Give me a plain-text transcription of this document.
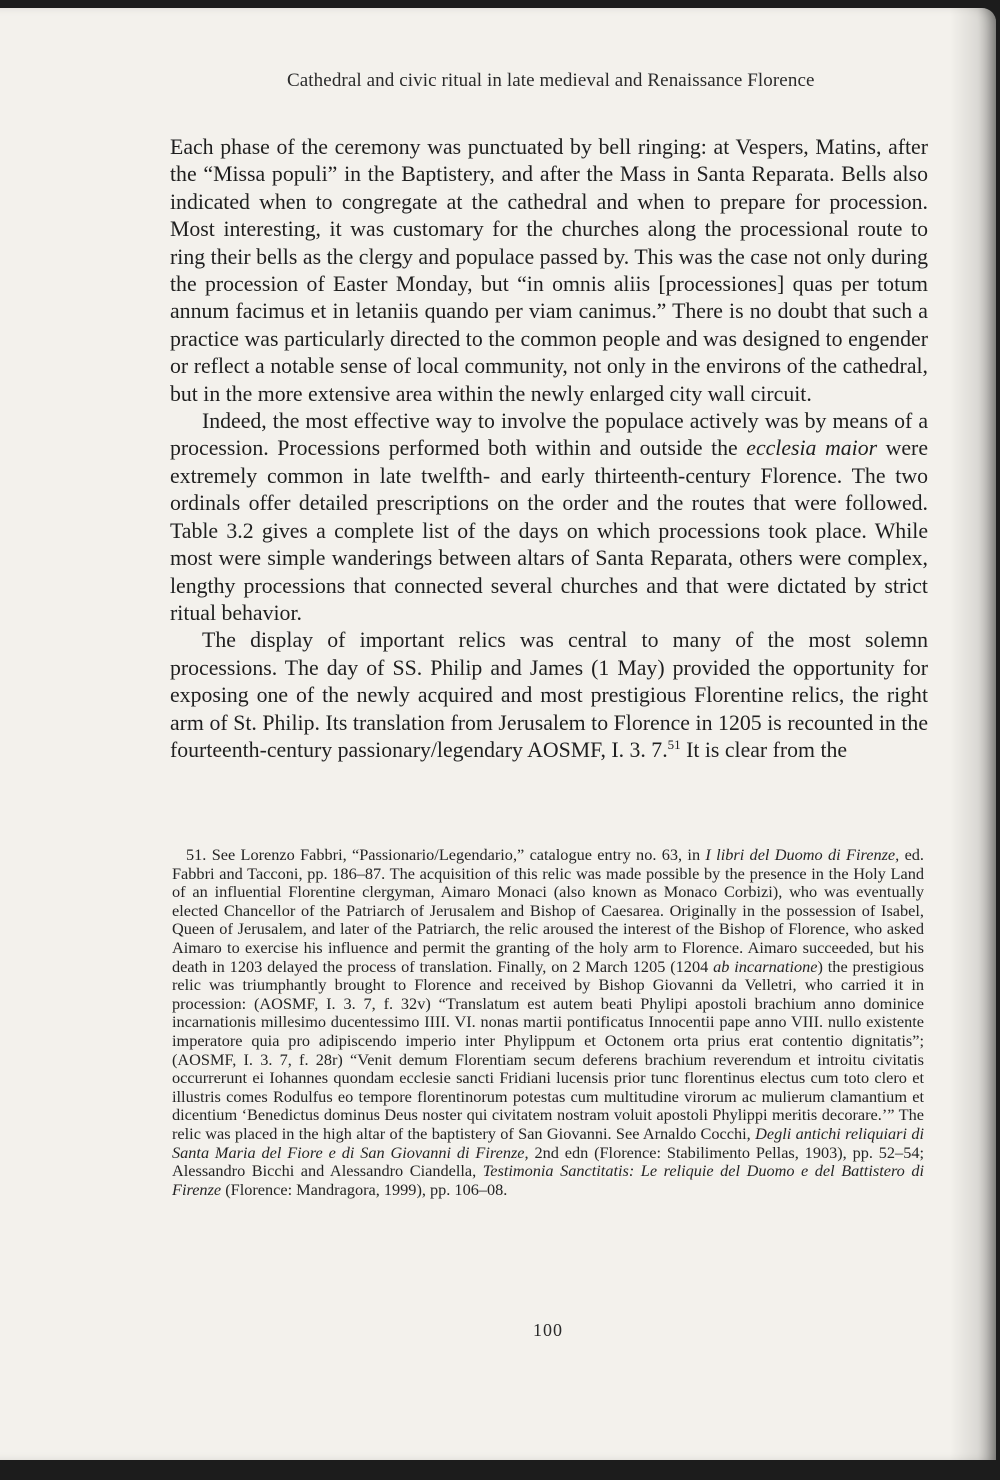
Cathedral and civic ritual in late medieval and Renaissance Florence

Each phase of the ceremony was punctuated by bell ringing: at Vespers, Matins, after the “Missa populi” in the Baptistery, and after the Mass in Santa Reparata. Bells also indicated when to congregate at the cathedral and when to prepare for procession. Most interesting, it was customary for the churches along the processional route to ring their bells as the clergy and populace passed by. This was the case not only during the procession of Easter Monday, but “in omnis aliis [processiones] quas per totum annum facimus et in letaniis quando per viam canimus.” There is no doubt that such a practice was particularly directed to the common people and was designed to engender or reflect a notable sense of local community, not only in the environs of the cathedral, but in the more extensive area within the newly enlarged city wall circuit.

Indeed, the most effective way to involve the populace actively was by means of a procession. Processions performed both within and outside the ecclesia maior were extremely common in late twelfth- and early thirteenth-century Florence. The two ordinals offer detailed prescriptions on the order and the routes that were followed. Table 3.2 gives a complete list of the days on which processions took place. While most were simple wanderings between altars of Santa Reparata, others were complex, lengthy processions that connected several churches and that were dictated by strict ritual behavior.

The display of important relics was central to many of the most solemn processions. The day of SS. Philip and James (1 May) provided the opportunity for exposing one of the newly acquired and most prestigious Florentine relics, the right arm of St. Philip. Its translation from Jerusalem to Florence in 1205 is recounted in the fourteenth-century passionary/legendary AOSMF, I. 3. 7.51 It is clear from the

51. See Lorenzo Fabbri, “Passionario/Legendario,” catalogue entry no. 63, in I libri del Duomo di Firenze, ed. Fabbri and Tacconi, pp. 186–87. The acquisition of this relic was made possible by the presence in the Holy Land of an influential Florentine clergyman, Aimaro Monaci (also known as Monaco Corbizi), who was eventually elected Chancellor of the Patriarch of Jerusalem and Bishop of Caesarea. Originally in the possession of Isabel, Queen of Jerusalem, and later of the Patriarch, the relic aroused the interest of the Bishop of Florence, who asked Aimaro to exercise his influence and permit the granting of the holy arm to Florence. Aimaro succeeded, but his death in 1203 delayed the process of translation. Finally, on 2 March 1205 (1204 ab incarnatione) the prestigious relic was triumphantly brought to Florence and received by Bishop Giovanni da Velletri, who carried it in procession: (AOSMF, I. 3. 7, f. 32v) “Translatum est autem beati Phylipi apostoli brachium anno dominice incarnationis millesimo ducentessimo IIII. VI. nonas martii pontificatus Innocentii pape anno VIII. nullo existente imperatore quia pro adipiscendo imperio inter Phylippum et Octonem orta prius erat contentio dignitatis”; (AOSMF, I. 3. 7, f. 28r) “Venit demum Florentiam secum deferens brachium reverendum et introitu civitatis occurrerunt ei Iohannes quondam ecclesie sancti Fridiani lucensis prior tunc florentinus electus cum toto clero et illustris comes Rodulfus eo tempore florentinorum potestas cum multitudine virorum ac mulierum clamantium et dicentium ‘Benedictus dominus Deus noster qui civitatem nostram voluit apostoli Phylippi meritis decorare.’” The relic was placed in the high altar of the baptistery of San Giovanni. See Arnaldo Cocchi, Degli antichi reliquiari di Santa Maria del Fiore e di San Giovanni di Firenze, 2nd edn (Florence: Stabilimento Pellas, 1903), pp. 52–54; Alessandro Bicchi and Alessandro Ciandella, Testimonia Sanctitatis: Le reliquie del Duomo e del Battistero di Firenze (Florence: Mandragora, 1999), pp. 106–08.

100
